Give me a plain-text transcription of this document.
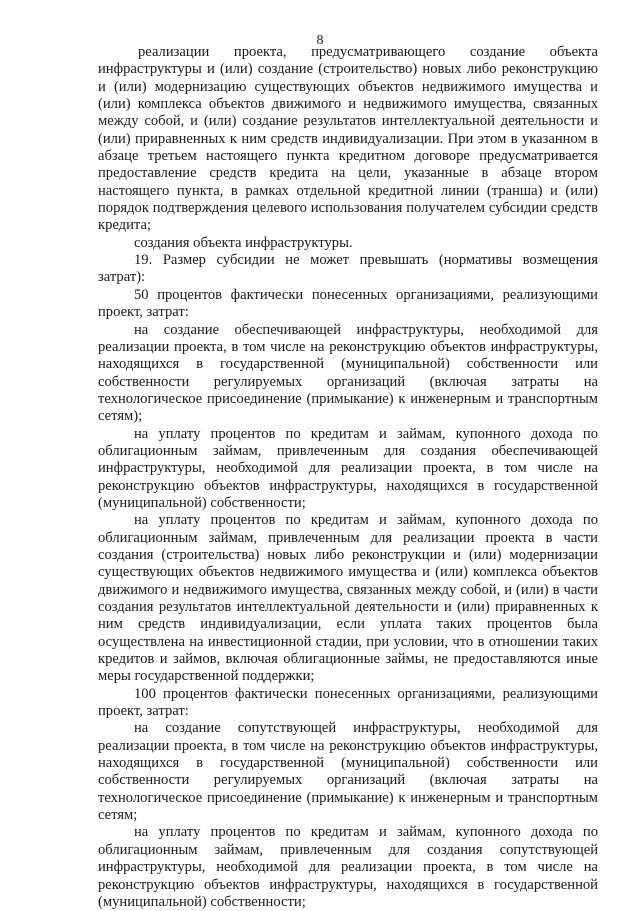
8

реализации проекта, предусматривающего создание объекта инфраструктуры и (или) создание (строительство) новых либо реконструкцию и (или) модернизацию существующих объектов недвижимого имущества и (или) комплекса объектов движимого и недвижимого имущества, связанных между собой, и (или) создание результатов интеллектуальной деятельности и (или) приравненных к ним средств индивидуализации. При этом в указанном в абзаце третьем настоящего пункта кредитном договоре предусматривается предоставление средств кредита на цели, указанные в абзаце втором настоящего пункта, в рамках отдельной кредитной линии (транша) и (или) порядок подтверждения целевого использования получателем субсидии средств кредита;

создания объекта инфраструктуры.

19. Размер субсидии не может превышать (нормативы возмещения затрат):

50 процентов фактически понесенных организациями, реализующими проект, затрат:

на создание обеспечивающей инфраструктуры, необходимой для реализации проекта, в том числе на реконструкцию объектов инфраструктуры, находящихся в государственной (муниципальной) собственности или собственности регулируемых организаций (включая затраты на технологическое присоединение (примыкание) к инженерным и транспортным сетям);

на уплату процентов по кредитам и займам, купонного дохода по облигационным займам, привлеченным для создания обеспечивающей инфраструктуры, необходимой для реализации проекта, в том числе на реконструкцию объектов инфраструктуры, находящихся в государственной (муниципальной) собственности;

на уплату процентов по кредитам и займам, купонного дохода по облигационным займам, привлеченным для реализации проекта в части создания (строительства) новых либо реконструкции и (или) модернизации существующих объектов недвижимого имущества и (или) комплекса объектов движимого и недвижимого имущества, связанных между собой, и (или) в части создания результатов интеллектуальной деятельности и (или) приравненных к ним средств индивидуализации, если уплата таких процентов была осуществлена на инвестиционной стадии, при условии, что в отношении таких кредитов и займов, включая облигационные займы, не предоставляются иные меры государственной поддержки;

100 процентов фактически понесенных организациями, реализующими проект, затрат:

на создание сопутствующей инфраструктуры, необходимой для реализации проекта, в том числе на реконструкцию объектов инфраструктуры, находящихся в государственной (муниципальной) собственности или собственности регулируемых организаций (включая затраты на технологическое присоединение (примыкание) к инженерным и транспортным сетям;

на уплату процентов по кредитам и займам, купонного дохода по облигационным займам, привлеченным для создания сопутствующей инфраструктуры, необходимой для реализации проекта, в том числе на реконструкцию объектов инфраструктуры, находящихся в государственной (муниципальной) собственности;
